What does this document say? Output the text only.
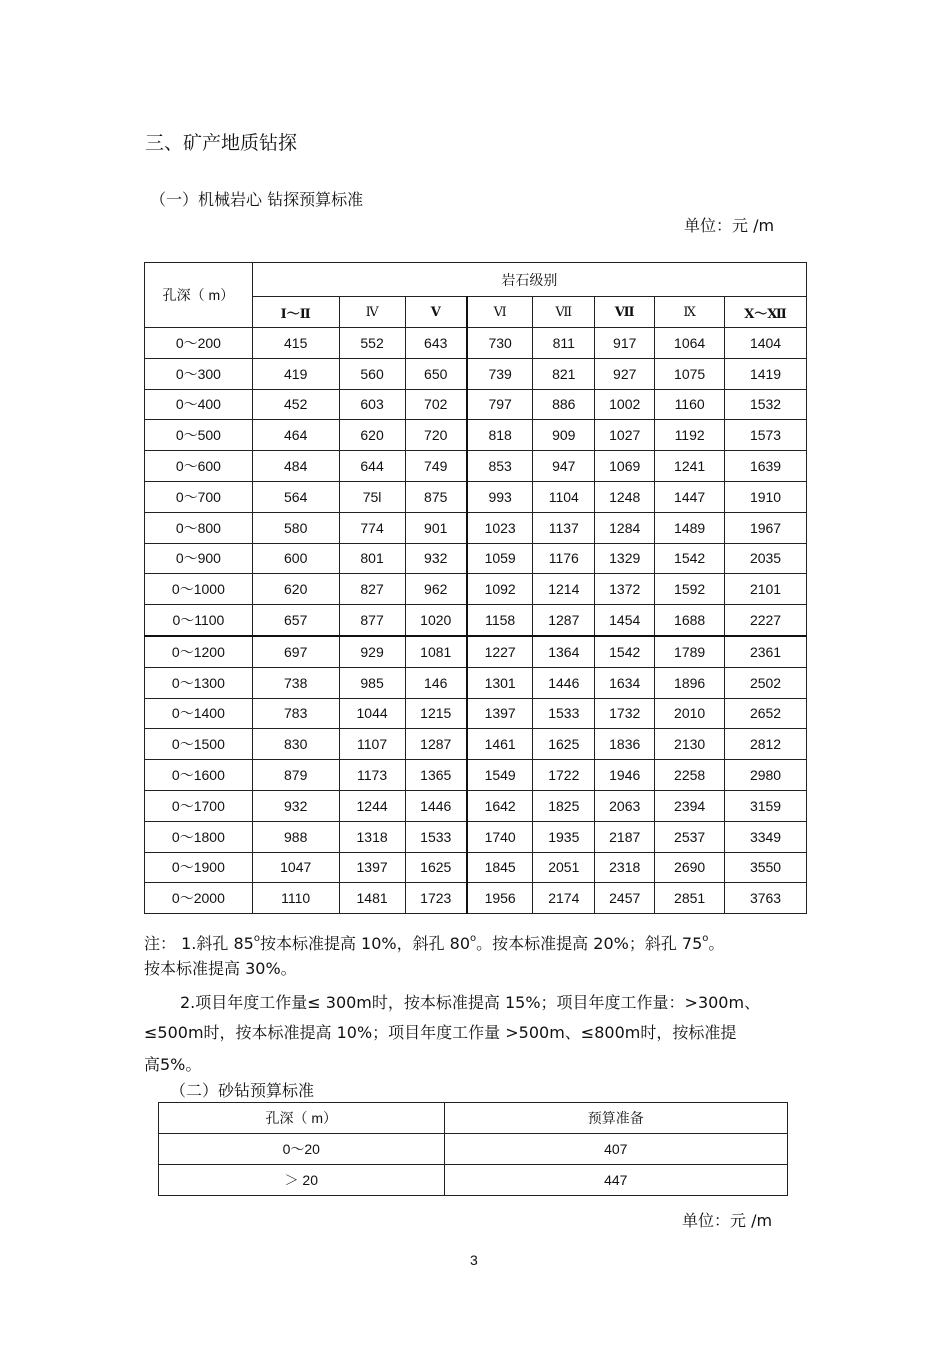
三、矿产地质钻探
（一）机械岩心 钻探预算标准
单位：元 /m
孔深（ m）	岩石级别							
	Ⅰ～Ⅱ	Ⅳ	Ⅴ	Ⅵ	Ⅶ	Ⅶ	Ⅸ	Ⅹ～Ⅻ
0～200	415	552	643	730	811	917	1064	1404
0～300	419	560	650	739	821	927	1075	1419
0～400	452	603	702	797	886	1002	1160	1532
0～500	464	620	720	818	909	1027	1192	1573
0～600	484	644	749	853	947	1069	1241	1639
0～700	564	75l	875	993	1104	1248	1447	1910
0～800	580	774	901	1023	1137	1284	1489	1967
0～900	600	801	932	1059	1176	1329	1542	2035
0～1000	620	827	962	1092	1214	1372	1592	2101
0～1100	657	877	1020	1158	1287	1454	1688	2227
0～1200	697	929	1081	1227	1364	1542	1789	2361
0～1300	738	985	146	1301	1446	1634	1896	2502
0～1400	783	1044	1215	1397	1533	1732	2010	2652
0～1500	830	1107	1287	1461	1625	1836	2130	2812
0～1600	879	1173	1365	1549	1722	1946	2258	2980
0～1700	932	1244	1446	1642	1825	2063	2394	3159
0～1800	988	1318	1533	1740	1935	2187	2537	3349
0～1900	1047	1397	1625	1845	2051	2318	2690	3550
0～2000	1110	1481	1723	1956	2174	2457	2851	3763
注： 1.斜孔 85$^o$按本标准提高 10%，斜孔 80$^o$。按本标准提高 20%；斜孔 75$^o$。
按本标准提高 30%。
2.项目年度工作量≤ 300m时，按本标准提高 15%；项目年度工作量：>300m、
≤500m时，按本标准提高 10%；项目年度工作量 >500m、≤800m时，按标准提
高5%。
（二）砂钻预算标准
孔深（ m）	预算准备
0～20	407
＞ 20	447
单位：元 /m
3
